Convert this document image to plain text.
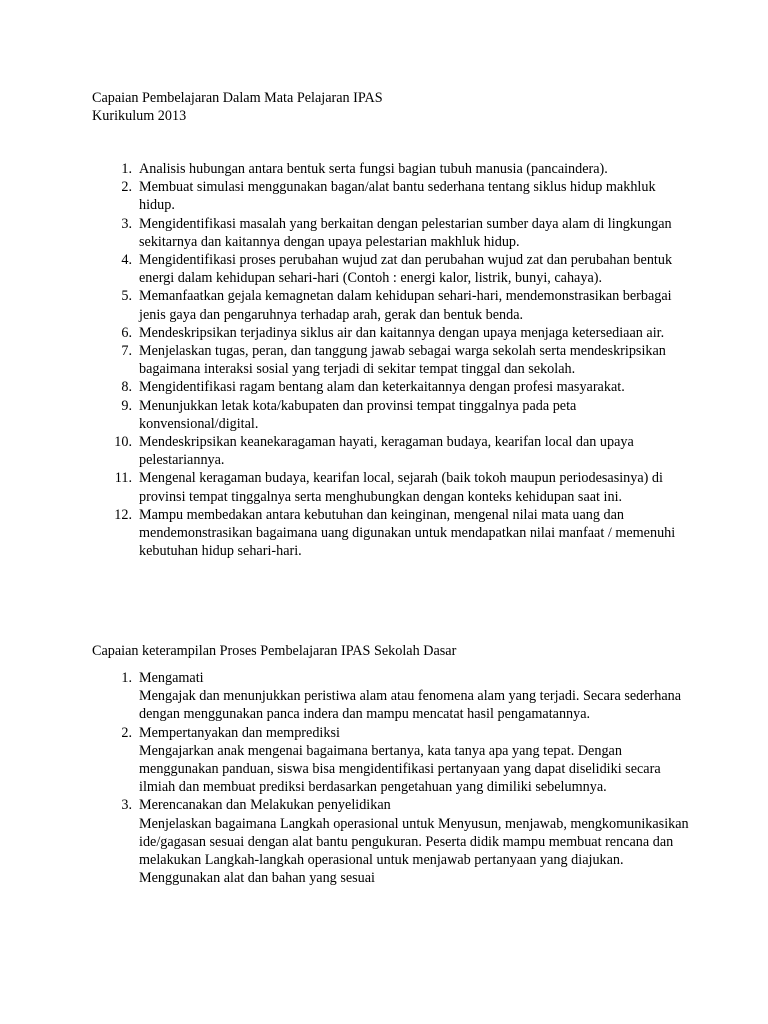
Capaian Pembelajaran Dalam Mata Pelajaran IPAS
Kurikulum 2013
1. Analisis hubungan antara bentuk serta fungsi bagian tubuh manusia (pancaindera).
2. Membuat simulasi menggunakan bagan/alat bantu sederhana tentang siklus hidup makhluk hidup.
3. Mengidentifikasi masalah yang berkaitan dengan pelestarian sumber daya alam di lingkungan sekitarnya dan kaitannya dengan upaya pelestarian makhluk hidup.
4. Mengidentifikasi proses perubahan wujud zat dan perubahan wujud zat dan perubahan bentuk energi dalam kehidupan sehari-hari (Contoh : energi kalor, listrik, bunyi, cahaya).
5. Memanfaatkan gejala kemagnetan dalam kehidupan sehari-hari, mendemonstrasikan berbagai jenis gaya dan pengaruhnya terhadap arah, gerak dan bentuk benda.
6. Mendeskripsikan terjadinya siklus air dan kaitannya dengan upaya menjaga ketersediaan air.
7. Menjelaskan tugas, peran, dan tanggung jawab sebagai warga sekolah serta mendeskripsikan bagaimana interaksi sosial yang terjadi di sekitar tempat tinggal dan sekolah.
8. Mengidentifikasi ragam bentang alam dan keterkaitannya dengan profesi masyarakat.
9. Menunjukkan letak kota/kabupaten dan provinsi tempat tinggalnya pada peta konvensional/digital.
10. Mendeskripsikan keanekaragaman hayati, keragaman budaya, kearifan local dan upaya pelestariannya.
11. Mengenal keragaman budaya, kearifan local, sejarah (baik tokoh maupun periodesasinya) di provinsi tempat tinggalnya serta menghubungkan dengan konteks kehidupan saat ini.
12. Mampu membedakan antara kebutuhan dan keinginan, mengenal nilai mata uang dan mendemonstrasikan bagaimana uang digunakan untuk mendapatkan nilai manfaat / memenuhi kebutuhan hidup sehari-hari.
Capaian keterampilan Proses Pembelajaran IPAS Sekolah Dasar
1. Mengamati
Mengajak dan menunjukkan peristiwa alam atau fenomena alam yang terjadi. Secara sederhana dengan menggunakan panca indera dan mampu mencatat hasil pengamatannya.
2. Mempertanyakan dan memprediksi
Mengajarkan anak mengenai bagaimana bertanya, kata tanya apa yang tepat. Dengan menggunakan panduan, siswa bisa mengidentifikasi pertanyaan yang dapat diselidiki secara ilmiah dan membuat prediksi berdasarkan pengetahuan yang dimiliki sebelumnya.
3. Merencanakan dan Melakukan penyelidikan
Menjelaskan bagaimana Langkah operasional untuk Menyusun, menjawab, mengkomunikasikan ide/gagasan sesuai dengan alat bantu pengukuran. Peserta didik mampu membuat rencana dan melakukan Langkah-langkah operasional untuk menjawab pertanyaan yang diajukan. Menggunakan alat dan bahan yang sesuai
